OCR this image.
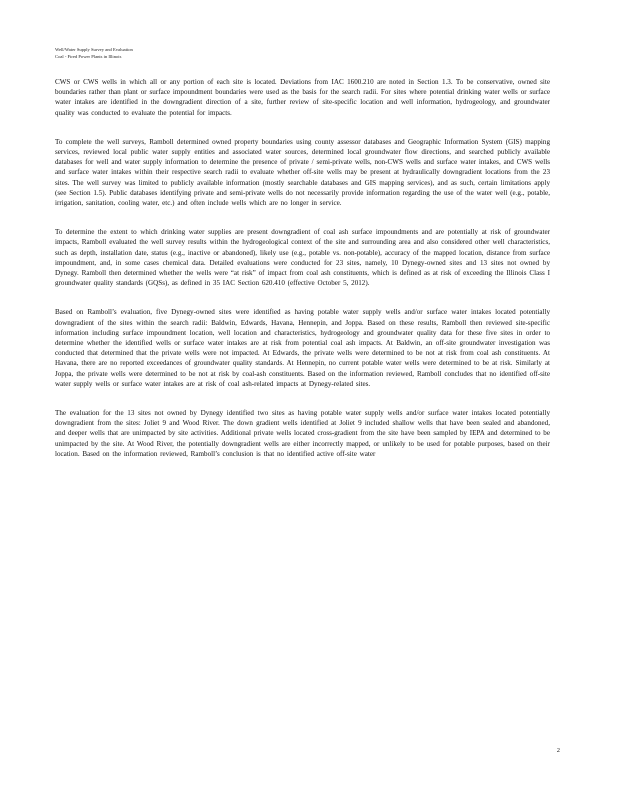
Well/Water Supply Survey and Evaluation
Coal - Fired Power Plants in Illinois

CWS or CWS wells in which all or any portion of each site is located. Deviations from IAC 1600.210 are noted in Section 1.3. To be conservative, owned site boundaries rather than plant or surface impoundment boundaries were used as the basis for the search radii. For sites where potential drinking water wells or surface water intakes are identified in the downgradient direction of a site, further review of site-specific location and well information, hydrogeology, and groundwater quality was conducted to evaluate the potential for impacts.

To complete the well surveys, Ramboll determined owned property boundaries using county assessor databases and Geographic Information System (GIS) mapping services, reviewed local public water supply entities and associated water sources, determined local groundwater flow directions, and searched publicly available databases for well and water supply information to determine the presence of private / semi-private wells, non-CWS wells and surface water intakes, and CWS wells and surface water intakes within their respective search radii to evaluate whether off-site wells may be present at hydraulically downgradient locations from the 23 sites. The well survey was limited to publicly available information (mostly searchable databases and GIS mapping services), and as such, certain limitations apply (see Section 1.5). Public databases identifying private and semi-private wells do not necessarily provide information regarding the use of the water well (e.g., potable, irrigation, sanitation, cooling water, etc.) and often include wells which are no longer in service.

To determine the extent to which drinking water supplies are present downgradient of coal ash surface impoundments and are potentially at risk of groundwater impacts, Ramboll evaluated the well survey results within the hydrogeological context of the site and surrounding area and also considered other well characteristics, such as depth, installation date, status (e.g., inactive or abandoned), likely use (e.g., potable vs. non-potable), accuracy of the mapped location, distance from surface impoundment, and, in some cases chemical data. Detailed evaluations were conducted for 23 sites, namely, 10 Dynegy-owned sites and 13 sites not owned by Dynegy. Ramboll then determined whether the wells were “at risk” of impact from coal ash constituents, which is defined as at risk of exceeding the Illinois Class I groundwater quality standards (GQSs), as defined in 35 IAC Section 620.410 (effective October 5, 2012).

Based on Ramboll’s evaluation, five Dynegy-owned sites were identified as having potable water supply wells and/or surface water intakes located potentially downgradient of the sites within the search radii: Baldwin, Edwards, Havana, Hennepin, and Joppa. Based on these results, Ramboll then reviewed site-specific information including surface impoundment location, well location and characteristics, hydrogeology and groundwater quality data for these five sites in order to determine whether the identified wells or surface water intakes are at risk from potential coal ash impacts. At Baldwin, an off-site groundwater investigation was conducted that determined that the private wells were not impacted. At Edwards, the private wells were determined to be not at risk from coal ash constituents. At Havana, there are no reported exceedances of groundwater quality standards. At Hennepin, no current potable water wells were determined to be at risk. Similarly at Joppa, the private wells were determined to be not at risk by coal-ash constituents. Based on the information reviewed, Ramboll concludes that no identified off-site water supply wells or surface water intakes are at risk of coal ash-related impacts at Dynegy-related sites.

The evaluation for the 13 sites not owned by Dynegy identified two sites as having potable water supply wells and/or surface water intakes located potentially downgradient from the sites: Joliet 9 and Wood River. The down gradient wells identified at Joliet 9 included shallow wells that have been sealed and abandoned, and deeper wells that are unimpacted by site activities. Additional private wells located cross-gradient from the site have been sampled by IEPA and determined to be unimpacted by the site. At Wood River, the potentially downgradient wells are either incorrectly mapped, or unlikely to be used for potable purposes, based on their location. Based on the information reviewed, Ramboll’s conclusion is that no identified active off-site water

2
